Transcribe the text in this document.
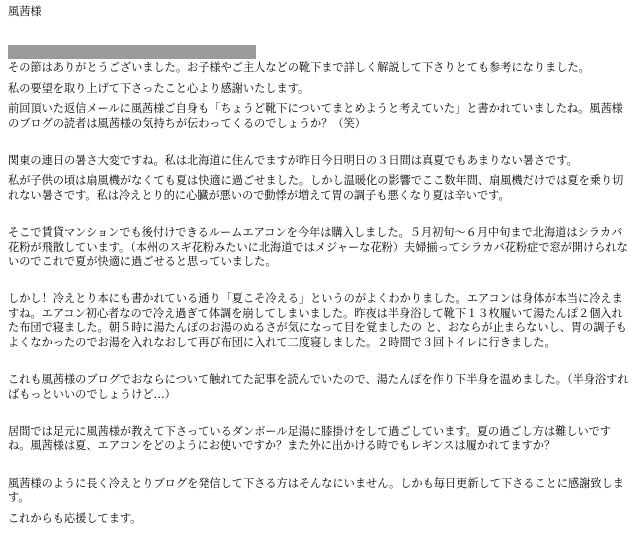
風茜様

その節はありがとうございました。お子様やご主人などの靴下まで詳しく解説して下さりとても参考になりました。

私の要望を取り上げて下さったこと心より感謝いたします。

前回頂いた返信メールに風茜様ご自身も「ちょうど靴下についてまとめようと考えていた」と書かれていましたね。風茜様のブログの読者は風茜様の気持ちが伝わってくるのでしょうか？（笑）

関東の連日の暑さ大変ですね。私は北海道に住んでますが昨日今日明日の３日間は真夏でもあまりない暑さです。

私が子供の頃は扇風機がなくても夏は快適に過ごせました。しかし温暖化の影響でここ数年間、扇風機だけでは夏を乗り切れない暑さです。私は冷えとり的に心臓が悪いので動悸が増えて胃の調子も悪くなり夏は辛いです。

そこで賃貸マンションでも後付けできるルームエアコンを今年は購入しました。５月初旬〜６月中旬まで北海道はシラカバ花粉が飛散しています。（本州のスギ花粉みたいに北海道ではメジャーな花粉）夫婦揃ってシラカバ花粉症で窓が開けられないのでこれで夏が快適に過ごせると思っていました。

しかし！冷えとり本にも書かれている通り「夏こそ冷える」というのがよくわかりました。エアコンは身体が本当に冷えますね。エアコン初心者なので冷え過ぎて体調を崩してしまいました。昨夜は半身浴して靴下１３枚履いて湯たんぽ２個入れた布団で寝ました。朝５時に湯たんぽのお湯のぬるさが気になって目を覚ましたの と、おならが止まらないし、胃の調子もよくなかったのでお湯を入れなおして再び布団に入れて二度寝しました。２時間で３回トイレに行きました。

これも風茜様のブログでおならについて触れてた記事を読んでいたので、湯たんぽを作り下半身を温めました。（半身浴すればもっといいのでしょうけど…）

居間では足元に風茜様が教えて下さっているダンボール足湯に膝掛けをして過ごしています。夏の過ごし方は難しいですね。風茜様は夏、エアコンをどのようにお使いですか？また外に出かける時でもレギンスは履かれてますか？

風茜様のように長く冷えとりブログを発信して下さる方はそんなにいません。しかも毎日更新して下さることに感謝致します。

これからも応援してます。
